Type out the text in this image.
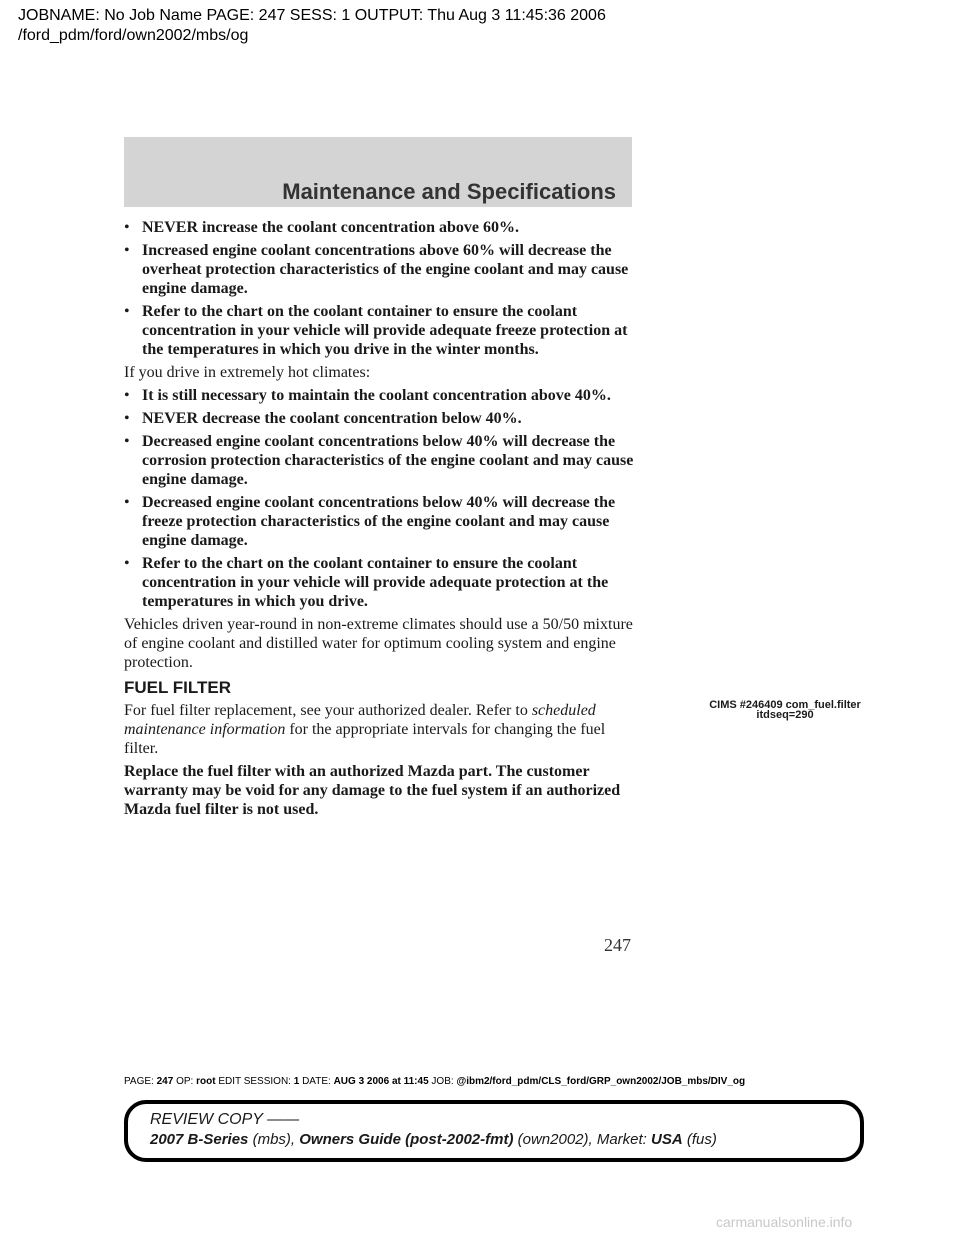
JOBNAME: No Job Name PAGE: 247 SESS: 1 OUTPUT: Thu Aug 3 11:45:36 2006
/ford_pdm/ford/own2002/mbs/og
Maintenance and Specifications
• NEVER increase the coolant concentration above 60%.
• Increased engine coolant concentrations above 60% will decrease the overheat protection characteristics of the engine coolant and may cause engine damage.
• Refer to the chart on the coolant container to ensure the coolant concentration in your vehicle will provide adequate freeze protection at the temperatures in which you drive in the winter months.
If you drive in extremely hot climates:
• It is still necessary to maintain the coolant concentration above 40%.
• NEVER decrease the coolant concentration below 40%.
• Decreased engine coolant concentrations below 40% will decrease the corrosion protection characteristics of the engine coolant and may cause engine damage.
• Decreased engine coolant concentrations below 40% will decrease the freeze protection characteristics of the engine coolant and may cause engine damage.
• Refer to the chart on the coolant container to ensure the coolant concentration in your vehicle will provide adequate protection at the temperatures in which you drive.
Vehicles driven year-round in non-extreme climates should use a 50/50 mixture of engine coolant and distilled water for optimum cooling system and engine protection.
FUEL FILTER
For fuel filter replacement, see your authorized dealer. Refer to scheduled maintenance information for the appropriate intervals for changing the fuel filter.
Replace the fuel filter with an authorized Mazda part. The customer warranty may be void for any damage to the fuel system if an authorized Mazda fuel filter is not used.
CIMS #246409 com_fuel.filter
itdseq=290
247
PAGE: 247 OP: root EDIT SESSION: 1 DATE: AUG 3 2006 at 11:45 JOB: @ibm2/ford_pdm/CLS_ford/GRP_own2002/JOB_mbs/DIV_og
REVIEW COPY ——
2007 B-Series (mbs), Owners Guide (post-2002-fmt) (own2002), Market: USA (fus)
carmanualsonline.info
